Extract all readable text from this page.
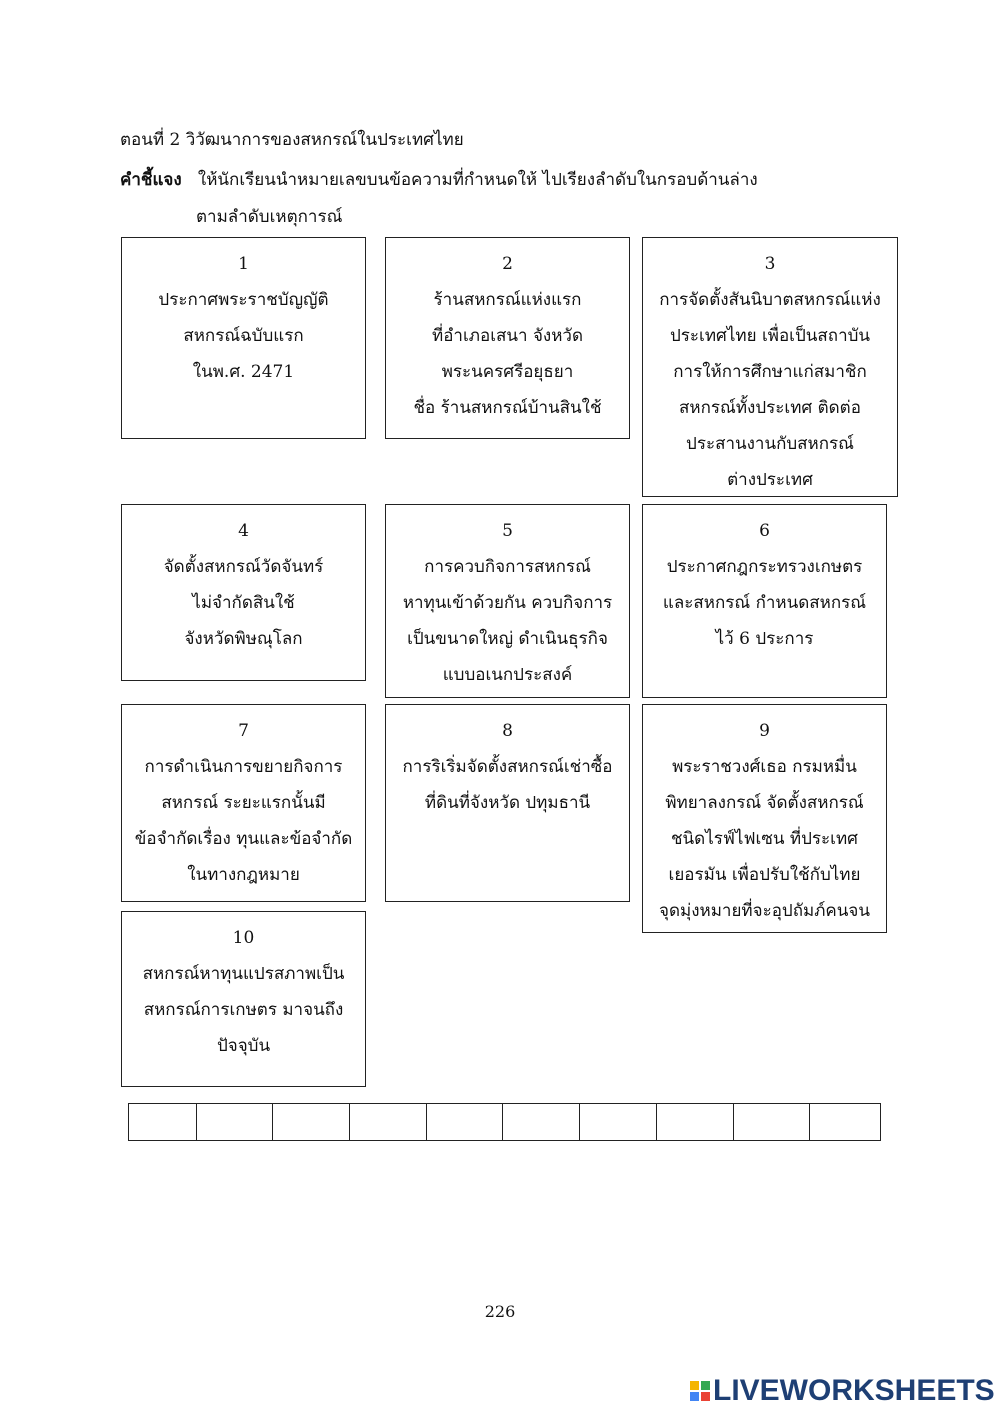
ตอนที่ 2 วิวัฒนาการของสหกรณ์ในประเทศไทย
คำชี้แจง ให้นักเรียนนำหมายเลขบนข้อความที่กำหนดให้ ไปเรียงลำดับในกรอบด้านล่าง
ตามลำดับเหตุการณ์
1
ประกาศพระราชบัญญัติ
สหกรณ์ฉบับแรก
ในพ.ศ. 2471
2
ร้านสหกรณ์แห่งแรก
ที่อำเภอเสนา จังหวัด
พระนครศรีอยุธยา
ชื่อ ร้านสหกรณ์บ้านสินใช้
3
การจัดตั้งสันนิบาตสหกรณ์แห่ง
ประเทศไทย เพื่อเป็นสถาบัน
การให้การศึกษาแก่สมาชิก
สหกรณ์ทั้งประเทศ ติดต่อ
ประสานงานกับสหกรณ์
ต่างประเทศ
4
จัดตั้งสหกรณ์วัดจันทร์
ไม่จำกัดสินใช้
จังหวัดพิษณุโลก
5
การควบกิจการสหกรณ์
หาทุนเข้าด้วยกัน ควบกิจการ
เป็นขนาดใหญ่ ดำเนินธุรกิจ
แบบอเนกประสงค์
6
ประกาศกฎกระทรวงเกษตร
และสหกรณ์ กำหนดสหกรณ์
ไว้ 6 ประการ
7
การดำเนินการขยายกิจการ
สหกรณ์ ระยะแรกนั้นมี
ข้อจำกัดเรื่อง ทุนและข้อจำกัด
ในทางกฎหมาย
8
การริเริ่มจัดตั้งสหกรณ์เช่าซื้อ
ที่ดินที่จังหวัด ปทุมธานี
9
พระราชวงศ์เธอ กรมหมื่น
พิทยาลงกรณ์ จัดตั้งสหกรณ์
ชนิดไรฟ์ไฟเซน ที่ประเทศ
เยอรมัน เพื่อปรับใช้กับไทย
จุดมุ่งหมายที่จะอุปถัมภ์คนจน
10
สหกรณ์หาทุนแปรสภาพเป็น
สหกรณ์การเกษตร มาจนถึง
ปัจจุบัน
226
LIVEWORKSHEETS
